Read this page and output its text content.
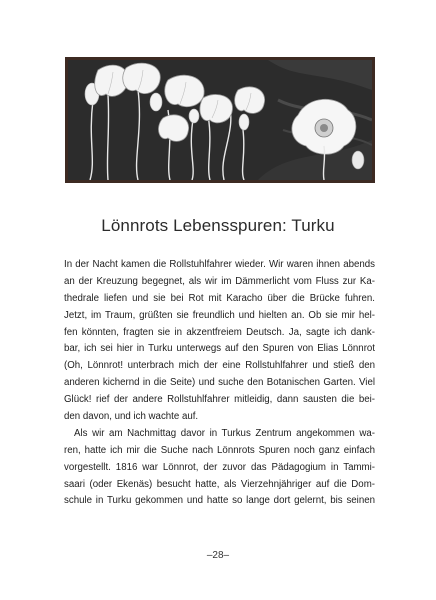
Lönnrots Lebensspuren: Turku
In der Nacht kamen die Rollstuhlfahrer wieder. Wir waren ihnen abends
an der Kreuzung begegnet, als wir im Dämmerlicht vom Fluss zur Ka-
thedrale liefen und sie bei Rot mit Karacho über die Brücke fuhren.
Jetzt, im Traum, grüßten sie freundlich und hielten an. Ob sie mir hel-
fen könnten, fragten sie in akzentfreiem Deutsch. Ja, sagte ich dank-
bar, ich sei hier in Turku unterwegs auf den Spuren von Elias Lönnrot
(Oh, Lönnrot! unterbrach mich der eine Rollstuhlfahrer und stieß den
anderen kichernd in die Seite) und suche den Botanischen Garten. Viel
Glück! rief der andere Rollstuhlfahrer mitleidig, dann sausten die bei-
den davon, und ich wachte auf.
Als wir am Nachmittag davor in Turkus Zentrum angekommen wa-
ren, hatte ich mir die Suche nach Lönnrots Spuren noch ganz einfach
vorgestellt. 1816 war Lönnrot, der zuvor das Pädagogium in Tammi-
saari (oder Ekenäs) besucht hatte, als Vierzehnjähriger auf die Dom-
schule in Turku gekommen und hatte so lange dort gelernt, bis seinen
–28–
